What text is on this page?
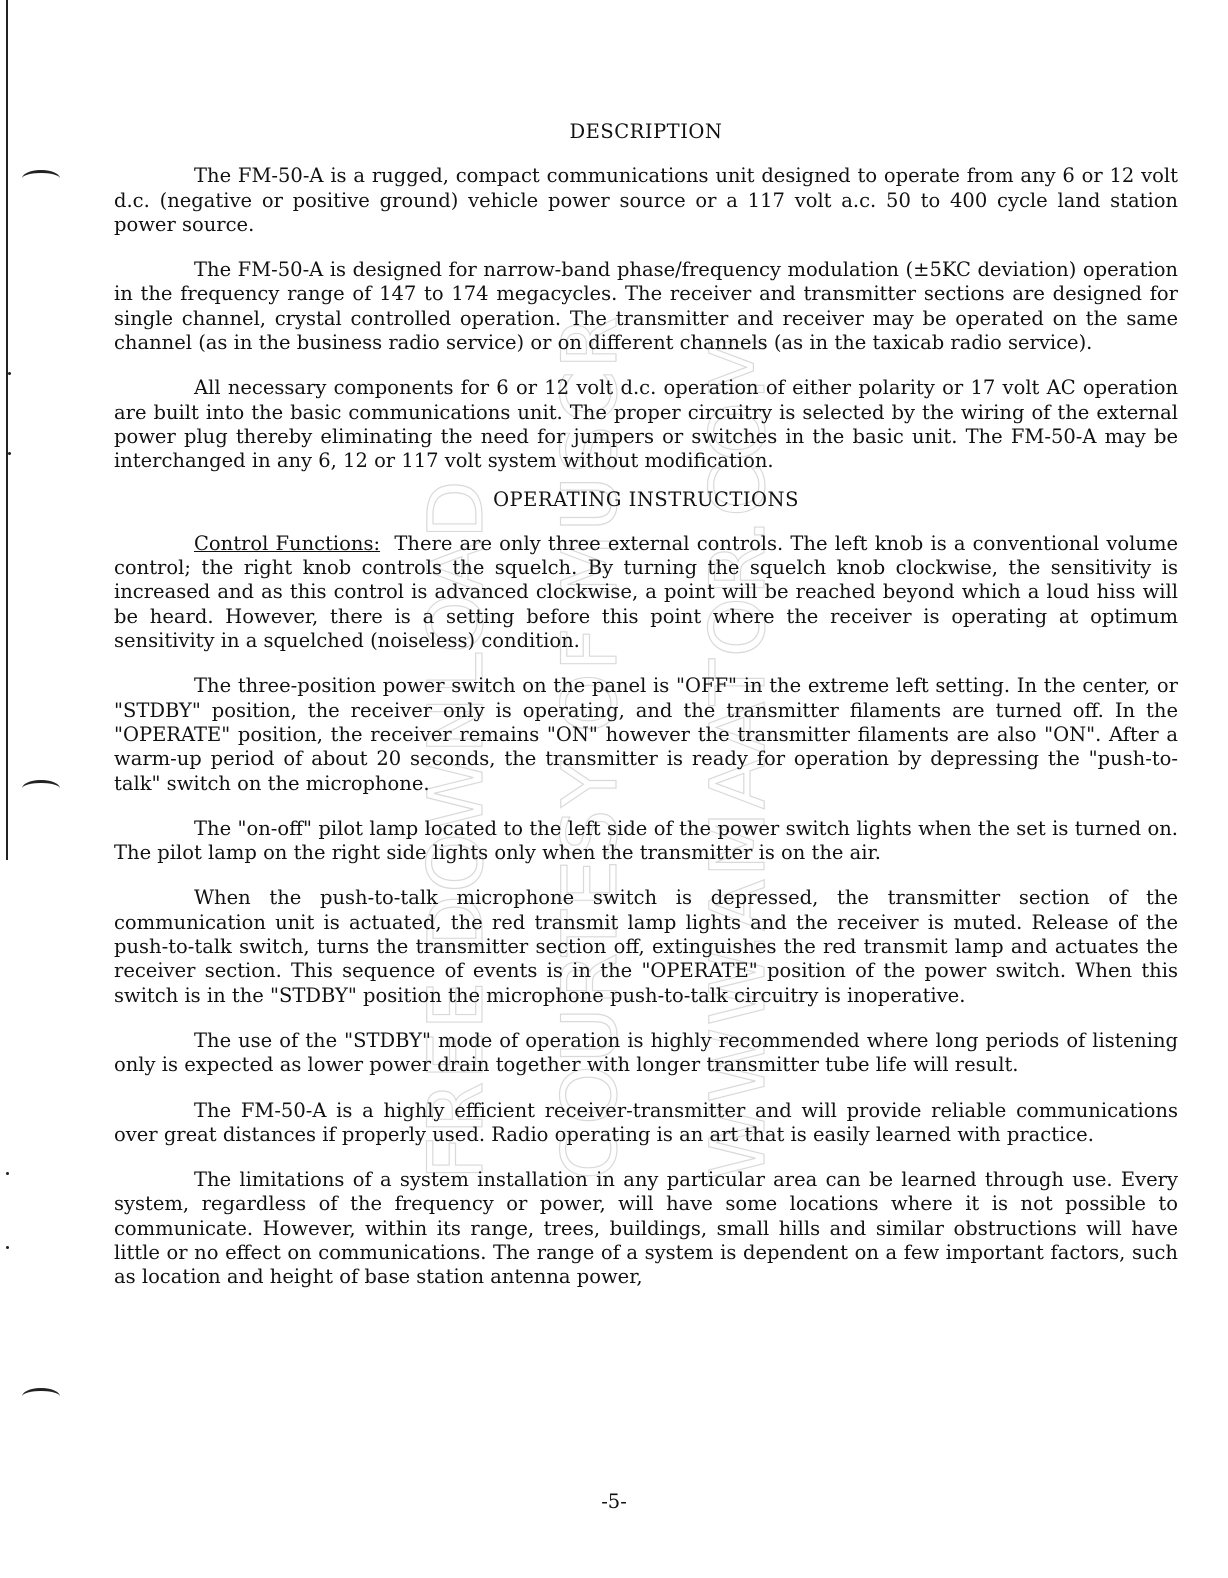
FREE DOWNLOAD COURTESY OF MUSCR WWW.AMAATOR.COM
DESCRIPTION

The FM-50-A is a rugged, compact communications unit designed to operate from any 6 or 12 volt d.c. (negative or positive ground) vehicle power source or a 117 volt a.c. 50 to 400 cycle land station power source.

The FM-50-A is designed for narrow-band phase/frequency modulation (±5KC deviation) operation in the frequency range of 147 to 174 megacycles. The receiver and transmitter sections are designed for single channel, crystal controlled operation. The transmitter and receiver may be operated on the same channel (as in the business radio service) or on different channels (as in the taxicab radio service).

All necessary components for 6 or 12 volt d.c. operation of either polarity or 17 volt AC operation are built into the basic communications unit. The proper circuitry is selected by the wiring of the external power plug thereby eliminating the need for jumpers or switches in the basic unit. The FM-50-A may be interchanged in any 6, 12 or 117 volt system without modification.

OPERATING INSTRUCTIONS

Control Functions: There are only three external controls. The left knob is a conventional volume control; the right knob controls the squelch. By turning the squelch knob clockwise, the sensitivity is increased and as this control is advanced clockwise, a point will be reached beyond which a loud hiss will be heard. However, there is a setting before this point where the receiver is operating at optimum sensitivity in a squelched (noiseless) condition.

The three-position power switch on the panel is "OFF" in the extreme left setting. In the center, or "STDBY" position, the receiver only is operating, and the transmitter filaments are turned off. In the "OPERATE" position, the receiver remains "ON" however the transmitter filaments are also "ON". After a warm-up period of about 20 seconds, the transmitter is ready for operation by depressing the "push-to-talk" switch on the microphone.

The "on-off" pilot lamp located to the left side of the power switch lights when the set is turned on. The pilot lamp on the right side lights only when the transmitter is on the air.

When the push-to-talk microphone switch is depressed, the transmitter section of the communication unit is actuated, the red transmit lamp lights and the receiver is muted. Release of the push-to-talk switch, turns the transmitter section off, extinguishes the red transmit lamp and actuates the receiver section. This sequence of events is in the "OPERATE" position of the power switch. When this switch is in the "STDBY" position the microphone push-to-talk circuitry is inoperative.

The use of the "STDBY" mode of operation is highly recommended where long periods of listening only is expected as lower power drain together with longer transmitter tube life will result.

The FM-50-A is a highly efficient receiver-transmitter and will provide reliable communications over great distances if properly used. Radio operating is an art that is easily learned with practice.

The limitations of a system installation in any particular area can be learned through use. Every system, regardless of the frequency or power, will have some locations where it is not possible to communicate. However, within its range, trees, buildings, small hills and similar obstructions will have little or no effect on communications. The range of a system is dependent on a few important factors, such as location and height of base station antenna power,

-5-
